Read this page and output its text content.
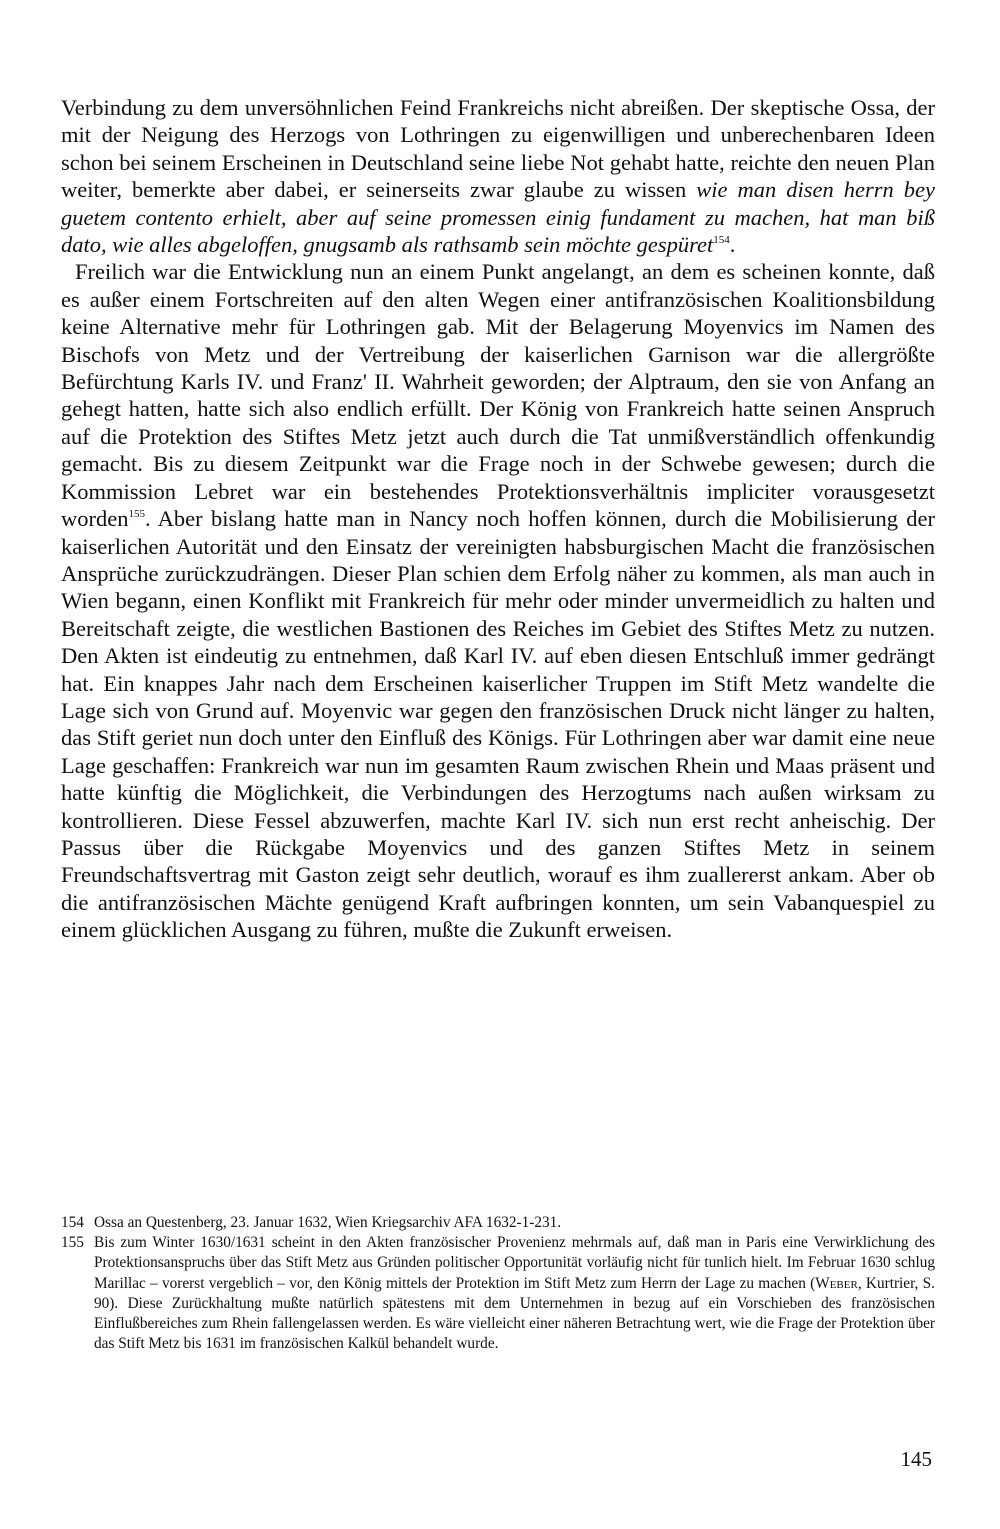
Verbindung zu dem unversöhnlichen Feind Frankreichs nicht abreißen. Der skeptische Ossa, der mit der Neigung des Herzogs von Lothringen zu eigenwilligen und unberechenbaren Ideen schon bei seinem Erscheinen in Deutschland seine liebe Not gehabt hatte, reichte den neuen Plan weiter, bemerkte aber dabei, er seinerseits zwar glaube zu wissen wie man disen herrn bey guetem contento erhielt, aber auf seine promessen einig fundament zu machen, hat man biß dato, wie alles abgeloffen, gnugsamb als rathsamb sein möchte gespüret$^{154}$.

Freilich war die Entwicklung nun an einem Punkt angelangt, an dem es scheinen konnte, daß es außer einem Fortschreiten auf den alten Wegen einer antifranzösischen Koalitionsbildung keine Alternative mehr für Lothringen gab. Mit der Belagerung Moyenvics im Namen des Bischofs von Metz und der Vertreibung der kaiserlichen Garnison war die allergrößte Befürchtung Karls IV. und Franz' II. Wahrheit geworden; der Alptraum, den sie von Anfang an gehegt hatten, hatte sich also endlich erfüllt. Der König von Frankreich hatte seinen Anspruch auf die Protektion des Stiftes Metz jetzt auch durch die Tat unmißverständlich offenkundig gemacht. Bis zu diesem Zeitpunkt war die Frage noch in der Schwebe gewesen; durch die Kommission Lebret war ein bestehendes Protektionsverhältnis impliciter vorausgesetzt worden$^{155}$. Aber bislang hatte man in Nancy noch hoffen können, durch die Mobilisierung der kaiserlichen Autorität und den Einsatz der vereinigten habsburgischen Macht die französischen Ansprüche zurückzudrängen. Dieser Plan schien dem Erfolg näher zu kommen, als man auch in Wien begann, einen Konflikt mit Frankreich für mehr oder minder unvermeidlich zu halten und Bereitschaft zeigte, die westlichen Bastionen des Reiches im Gebiet des Stiftes Metz zu nutzen. Den Akten ist eindeutig zu entnehmen, daß Karl IV. auf eben diesen Entschluß immer gedrängt hat. Ein knappes Jahr nach dem Erscheinen kaiserlicher Truppen im Stift Metz wandelte die Lage sich von Grund auf. Moyenvic war gegen den französischen Druck nicht länger zu halten, das Stift geriet nun doch unter den Einfluß des Königs. Für Lothringen aber war damit eine neue Lage geschaffen: Frankreich war nun im gesamten Raum zwischen Rhein und Maas präsent und hatte künftig die Möglichkeit, die Verbindungen des Herzogtums nach außen wirksam zu kontrollieren. Diese Fessel abzuwerfen, machte Karl IV. sich nun erst recht anheischig. Der Passus über die Rückgabe Moyenvics und des ganzen Stiftes Metz in seinem Freundschaftsvertrag mit Gaston zeigt sehr deutlich, worauf es ihm zuallererst ankam. Aber ob die antifranzösischen Mächte genügend Kraft aufbringen konnten, um sein Vabanquespiel zu einem glücklichen Ausgang zu führen, mußte die Zukunft erweisen.

154 Ossa an Questenberg, 23. Januar 1632, Wien Kriegsarchiv AFA 1632-1-231.
155 Bis zum Winter 1630/1631 scheint in den Akten französischer Provenienz mehrmals auf, daß man in Paris eine Verwirklichung des Protektionsanspruchs über das Stift Metz aus Gründen politischer Opportunität vorläufig nicht für tunlich hielt. Im Februar 1630 schlug Marillac – vorerst vergeblich – vor, den König mittels der Protektion im Stift Metz zum Herrn der Lage zu machen (Weber, Kurtrier, S. 90). Diese Zurückhaltung mußte natürlich spätestens mit dem Unternehmen in bezug auf ein Vorschieben des französischen Einflußbereiches zum Rhein fallengelassen werden. Es wäre vielleicht einer näheren Betrachtung wert, wie die Frage der Protektion über das Stift Metz bis 1631 im französischen Kalkül behandelt wurde.
145
